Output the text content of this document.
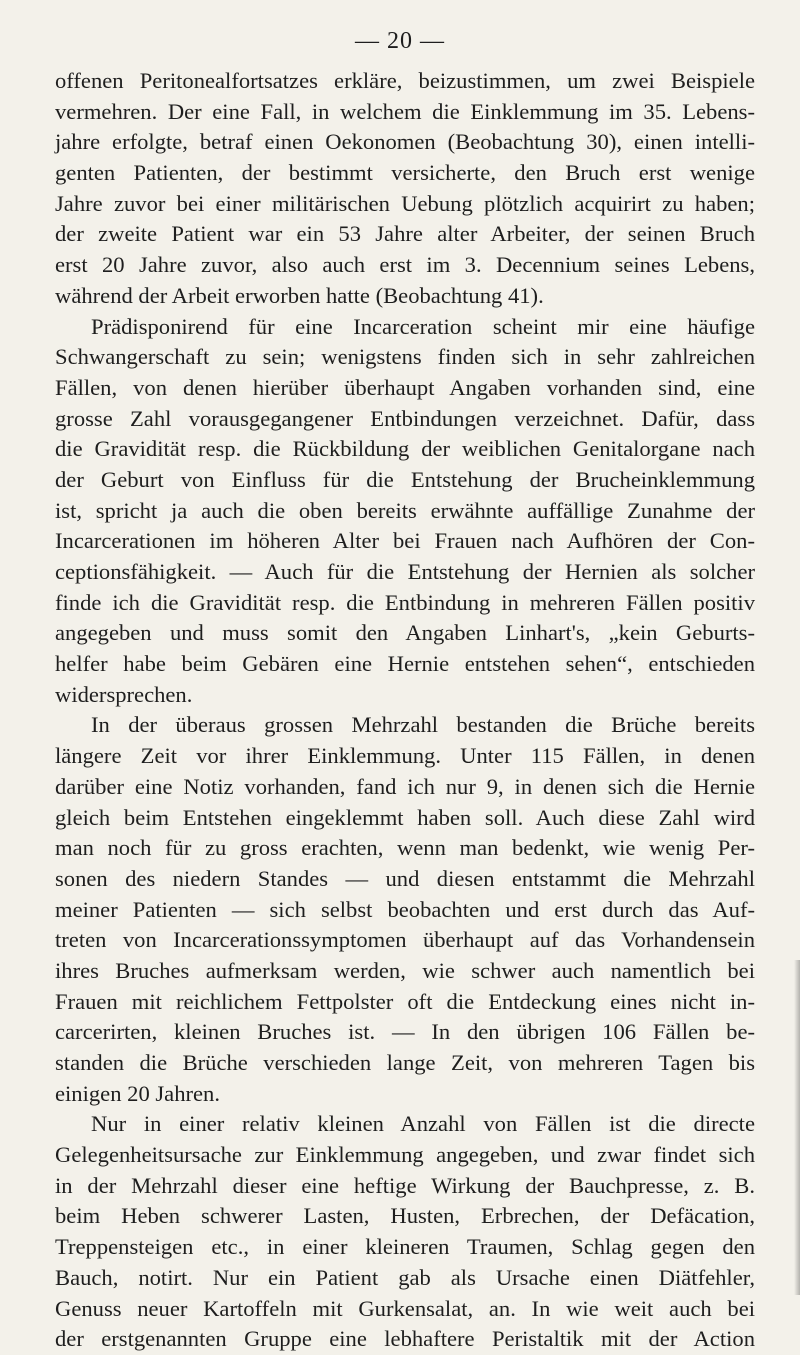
— 20 —
offenen Peritonealfortsatzes erkläre, beizustimmen, um zwei Beispiele
vermehren. Der eine Fall, in welchem die Einklemmung im 35. Lebens-
jahre erfolgte, betraf einen Oekonomen (Beobachtung 30), einen intelli-
genten Patienten, der bestimmt versicherte, den Bruch erst wenige
Jahre zuvor bei einer militärischen Uebung plötzlich acquirirt zu haben;
der zweite Patient war ein 53 Jahre alter Arbeiter, der seinen Bruch
erst 20 Jahre zuvor, also auch erst im 3. Decennium seines Lebens,
während der Arbeit erworben hatte (Beobachtung 41).
Prädisponirend für eine Incarceration scheint mir eine häufige
Schwangerschaft zu sein; wenigstens finden sich in sehr zahlreichen
Fällen, von denen hierüber überhaupt Angaben vorhanden sind, eine
grosse Zahl vorausgegangener Entbindungen verzeichnet. Dafür, dass
die Gravidität resp. die Rückbildung der weiblichen Genitalorgane nach
der Geburt von Einfluss für die Entstehung der Brucheinklemmung
ist, spricht ja auch die oben bereits erwähnte auffällige Zunahme der
Incarcerationen im höheren Alter bei Frauen nach Aufhören der Con-
ceptionsfähigkeit. — Auch für die Entstehung der Hernien als solcher
finde ich die Gravidität resp. die Entbindung in mehreren Fällen positiv
angegeben und muss somit den Angaben Linhart's, „kein Geburts-
helfer habe beim Gebären eine Hernie entstehen sehen“, entschieden
widersprechen.
In der überaus grossen Mehrzahl bestanden die Brüche bereits
längere Zeit vor ihrer Einklemmung. Unter 115 Fällen, in denen
darüber eine Notiz vorhanden, fand ich nur 9, in denen sich die Hernie
gleich beim Entstehen eingeklemmt haben soll. Auch diese Zahl wird
man noch für zu gross erachten, wenn man bedenkt, wie wenig Per-
sonen des niedern Standes — und diesen entstammt die Mehrzahl
meiner Patienten — sich selbst beobachten und erst durch das Auf-
treten von Incarcerationssymptomen überhaupt auf das Vorhandensein
ihres Bruches aufmerksam werden, wie schwer auch namentlich bei
Frauen mit reichlichem Fettpolster oft die Entdeckung eines nicht in-
carcerirten, kleinen Bruches ist. — In den übrigen 106 Fällen be-
standen die Brüche verschieden lange Zeit, von mehreren Tagen bis
einigen 20 Jahren.
Nur in einer relativ kleinen Anzahl von Fällen ist die directe
Gelegenheitsursache zur Einklemmung angegeben, und zwar findet sich
in der Mehrzahl dieser eine heftige Wirkung der Bauchpresse, z. B.
beim Heben schwerer Lasten, Husten, Erbrechen, der Defäcation,
Treppensteigen etc., in einer kleineren Traumen, Schlag gegen den
Bauch, notirt. Nur ein Patient gab als Ursache einen Diätfehler,
Genuss neuer Kartoffeln mit Gurkensalat, an. In wie weit auch bei
der erstgenannten Gruppe eine lebhaftere Peristaltik mit der Action
